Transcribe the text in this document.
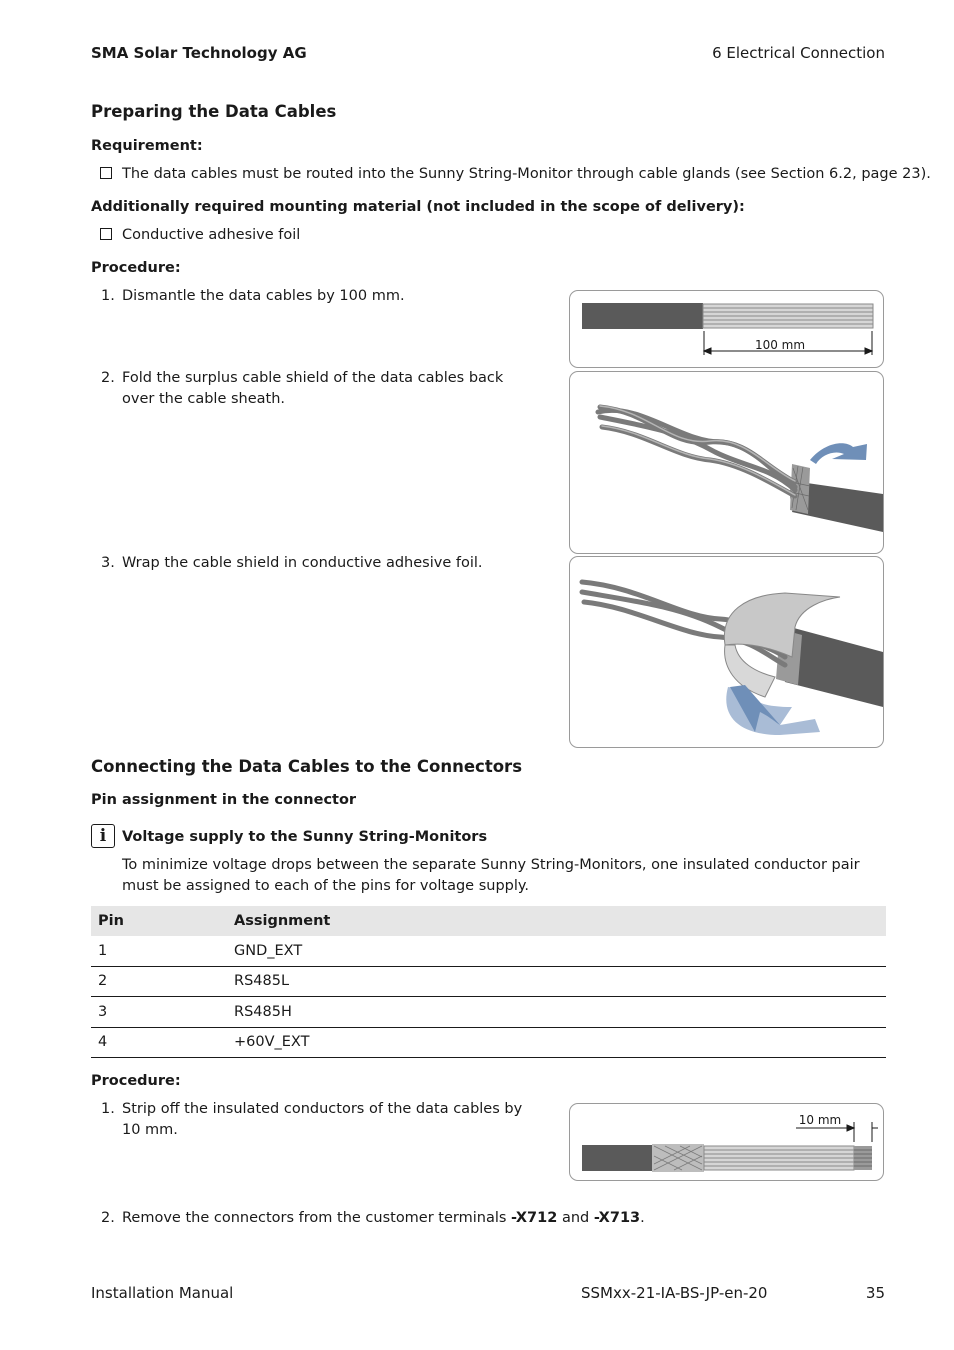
SMA Solar Technology AG	6 Electrical Connection
Preparing the Data Cables
Requirement:
The data cables must be routed into the Sunny String-Monitor through cable glands (see Section 6.2, page 23).
Additionally required mounting material (not included in the scope of delivery):
Conductive adhesive foil
Procedure:
1. Dismantle the data cables by 100 mm.
2. Fold the surplus cable shield of the data cables back over the cable sheath.
3. Wrap the cable shield in conductive adhesive foil.
100 mm
Connecting the Data Cables to the Connectors
Pin assignment in the connector
i	Voltage supply to the Sunny String-Monitors
To minimize voltage drops between the separate Sunny String-Monitors, one insulated conductor pair must be assigned to each of the pins for voltage supply.
Pin	Assignment
1	GND_EXT
2	RS485L
3	RS485H
4	+60V_EXT
Procedure:
1. Strip off the insulated conductors of the data cables by 10 mm.
10 mm
2. Remove the connectors from the customer terminals -X712 and -X713.
Installation Manual	SSMxx-21-IA-BS-JP-en-20	35
